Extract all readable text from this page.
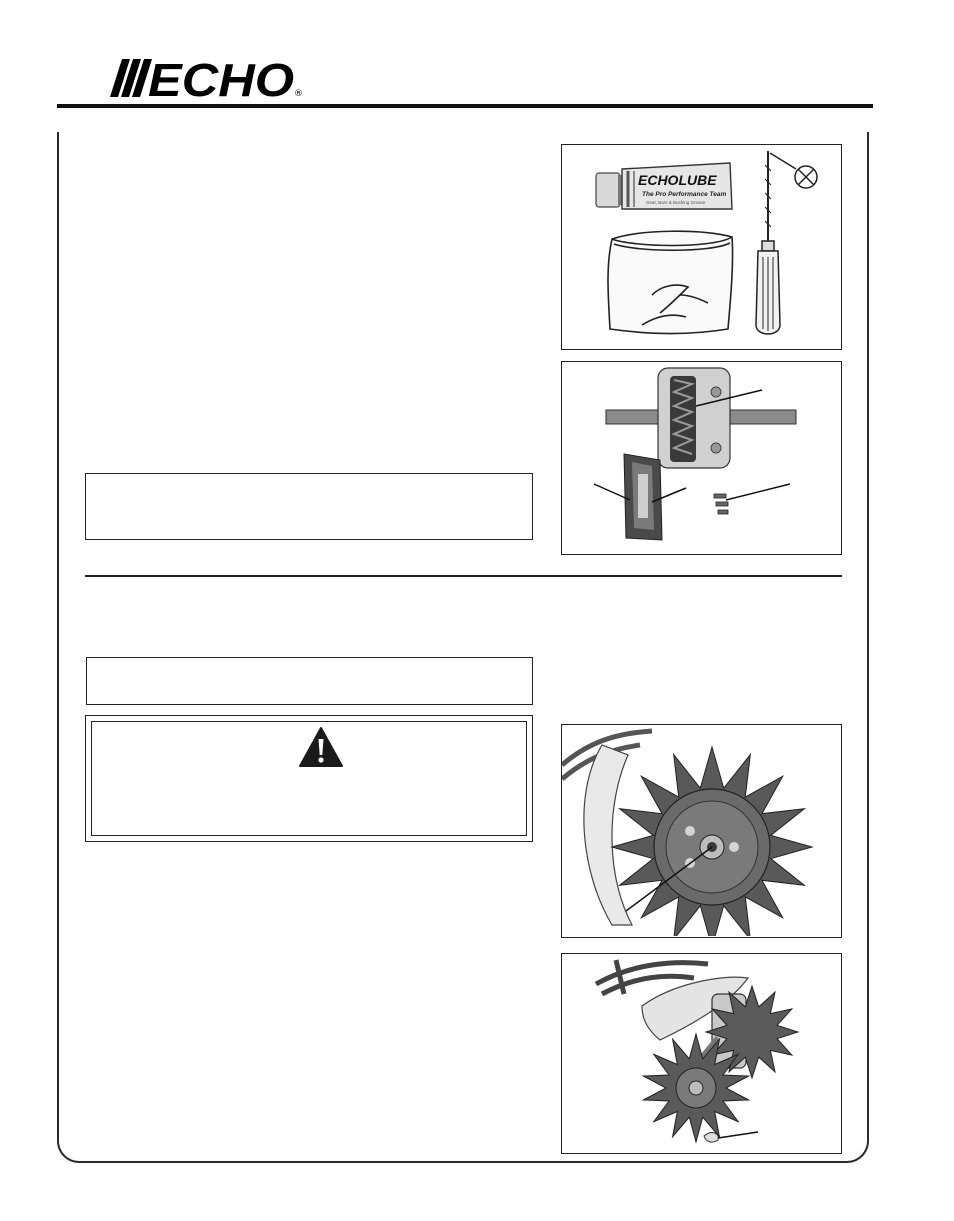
ECHO ®
ECHOLUBE
The Pro Performance Team
Gear, Bars & Bushing Grease
